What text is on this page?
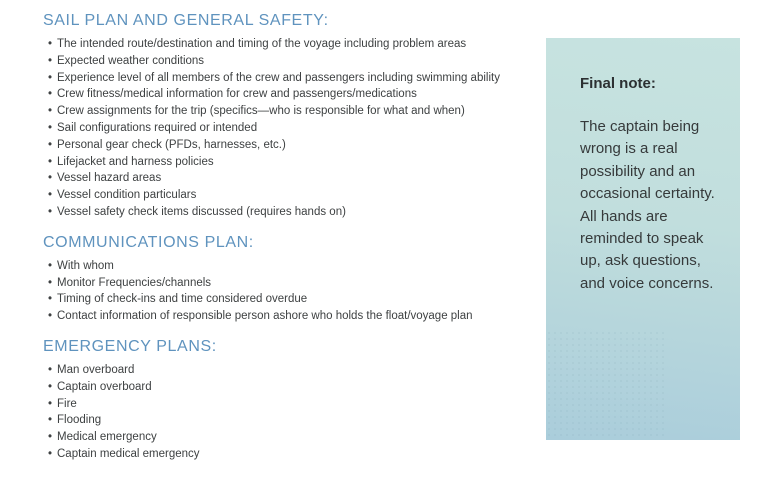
SAIL PLAN AND GENERAL SAFETY:
•The intended route/destination and timing of the voyage including problem areas
•Expected weather conditions
•Experience level of all members of the crew and passengers including swimming ability
•Crew fitness/medical information for crew and passengers/medications
•Crew assignments for the trip (specifics—who is responsible for what and when)
•Sail configurations required or intended
•Personal gear check (PFDs, harnesses, etc.)
•Lifejacket and harness policies
•Vessel hazard areas
•Vessel condition particulars
•Vessel safety check items discussed (requires hands on)
COMMUNICATIONS PLAN:
•With whom
•Monitor Frequencies/channels
•Timing of check-ins and time considered overdue
•Contact information of responsible person ashore who holds the float/voyage plan
EMERGENCY PLANS:
•Man overboard
•Captain overboard
•Fire
•Flooding
•Medical emergency
•Captain medical emergency
Final note:

The captain being wrong is a real possibility and an occasional certainty. All hands are reminded to speak up, ask questions, and voice concerns.
